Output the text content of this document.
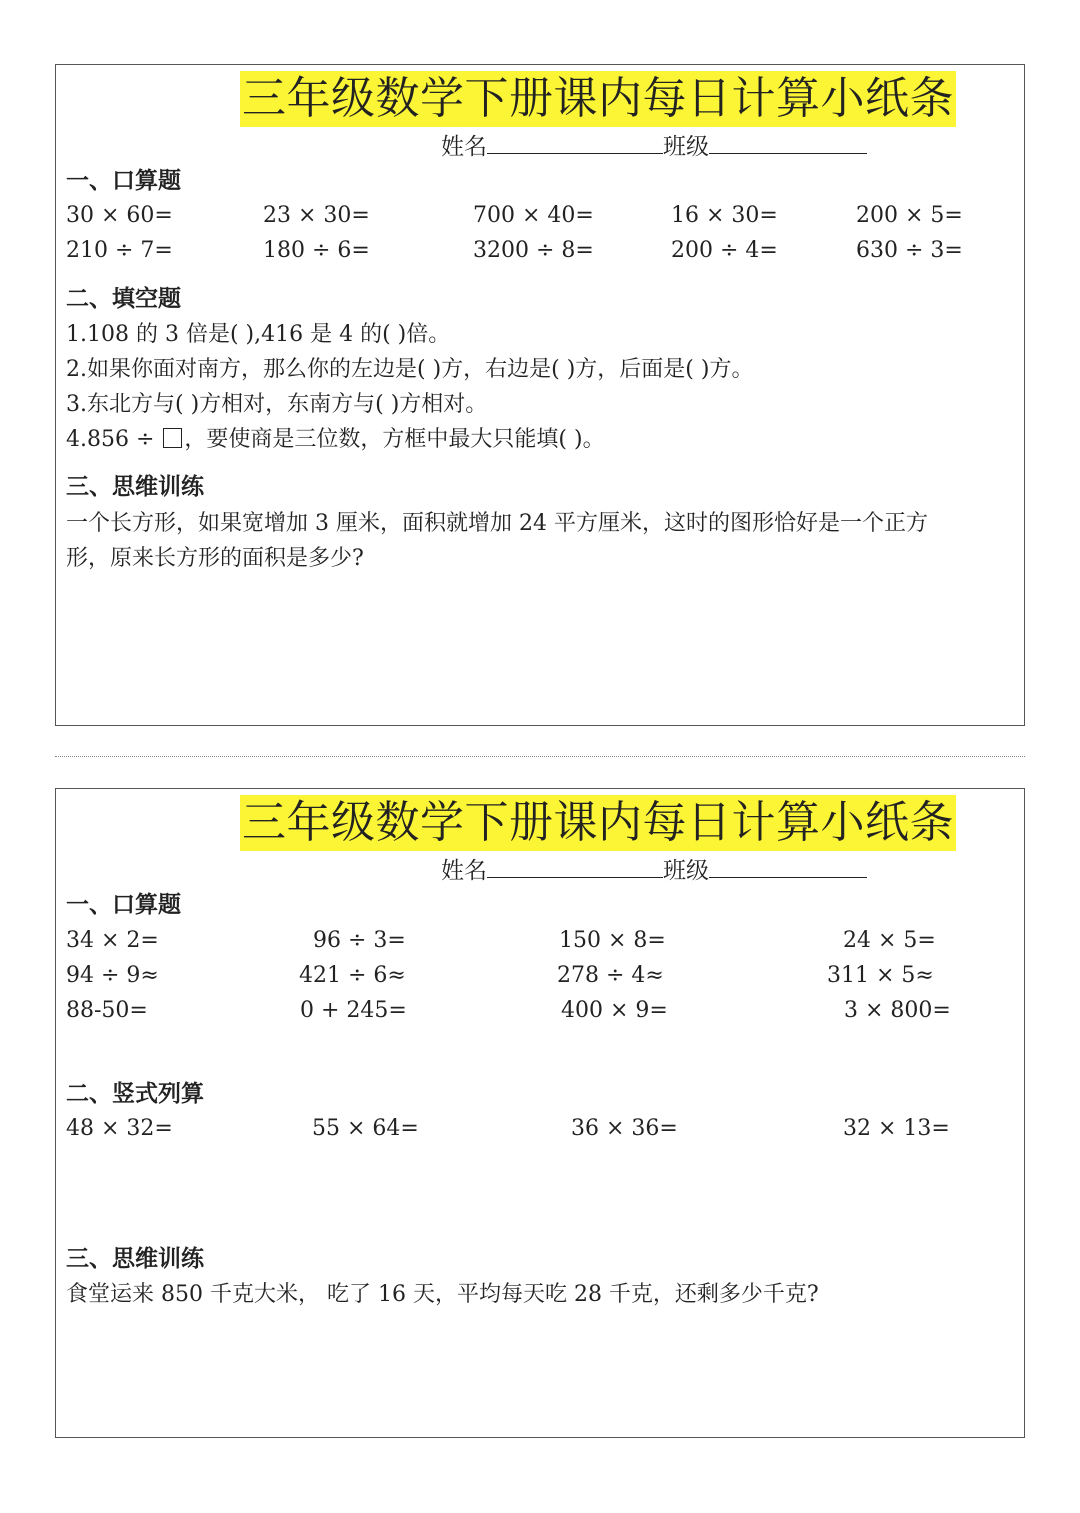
三年级数学下册课内每日计算小纸条
姓名	班级
一、口算题
30 × 60=	23 × 30=	700 × 40=	16 × 30=	200 × 5=
210 ÷ 7=	180 ÷ 6=	3200 ÷ 8=	200 ÷ 4=	630 ÷ 3=
二、填空题
1.108 的 3 倍是( ),416 是 4 的( )倍。
2.如果你面对南方，那么你的左边是( )方，右边是( )方，后面是( )方。
3.东北方与( )方相对，东南方与( )方相对。
4.856 ÷ ，要使商是三位数，方框中最大只能填( )。
三、思维训练
一个长方形，如果宽增加 3 厘米，面积就增加 24 平方厘米，这时的图形恰好是一个正方
形，原来长方形的面积是多少?
三年级数学下册课内每日计算小纸条
姓名	班级
一、口算题
34 × 2=	96 ÷ 3=	150 × 8=	24 × 5=
94 ÷ 9≈	421 ÷ 6≈	278 ÷ 4≈	311 × 5≈
88-50=	0 + 245=	400 × 9=	3 × 800=
二、竖式列算
48 × 32=	55 × 64=	36 × 36=	32 × 13=
三、思维训练
食堂运来 850 千克大米， 吃了 16 天，平均每天吃 28 千克，还剩多少千克?
